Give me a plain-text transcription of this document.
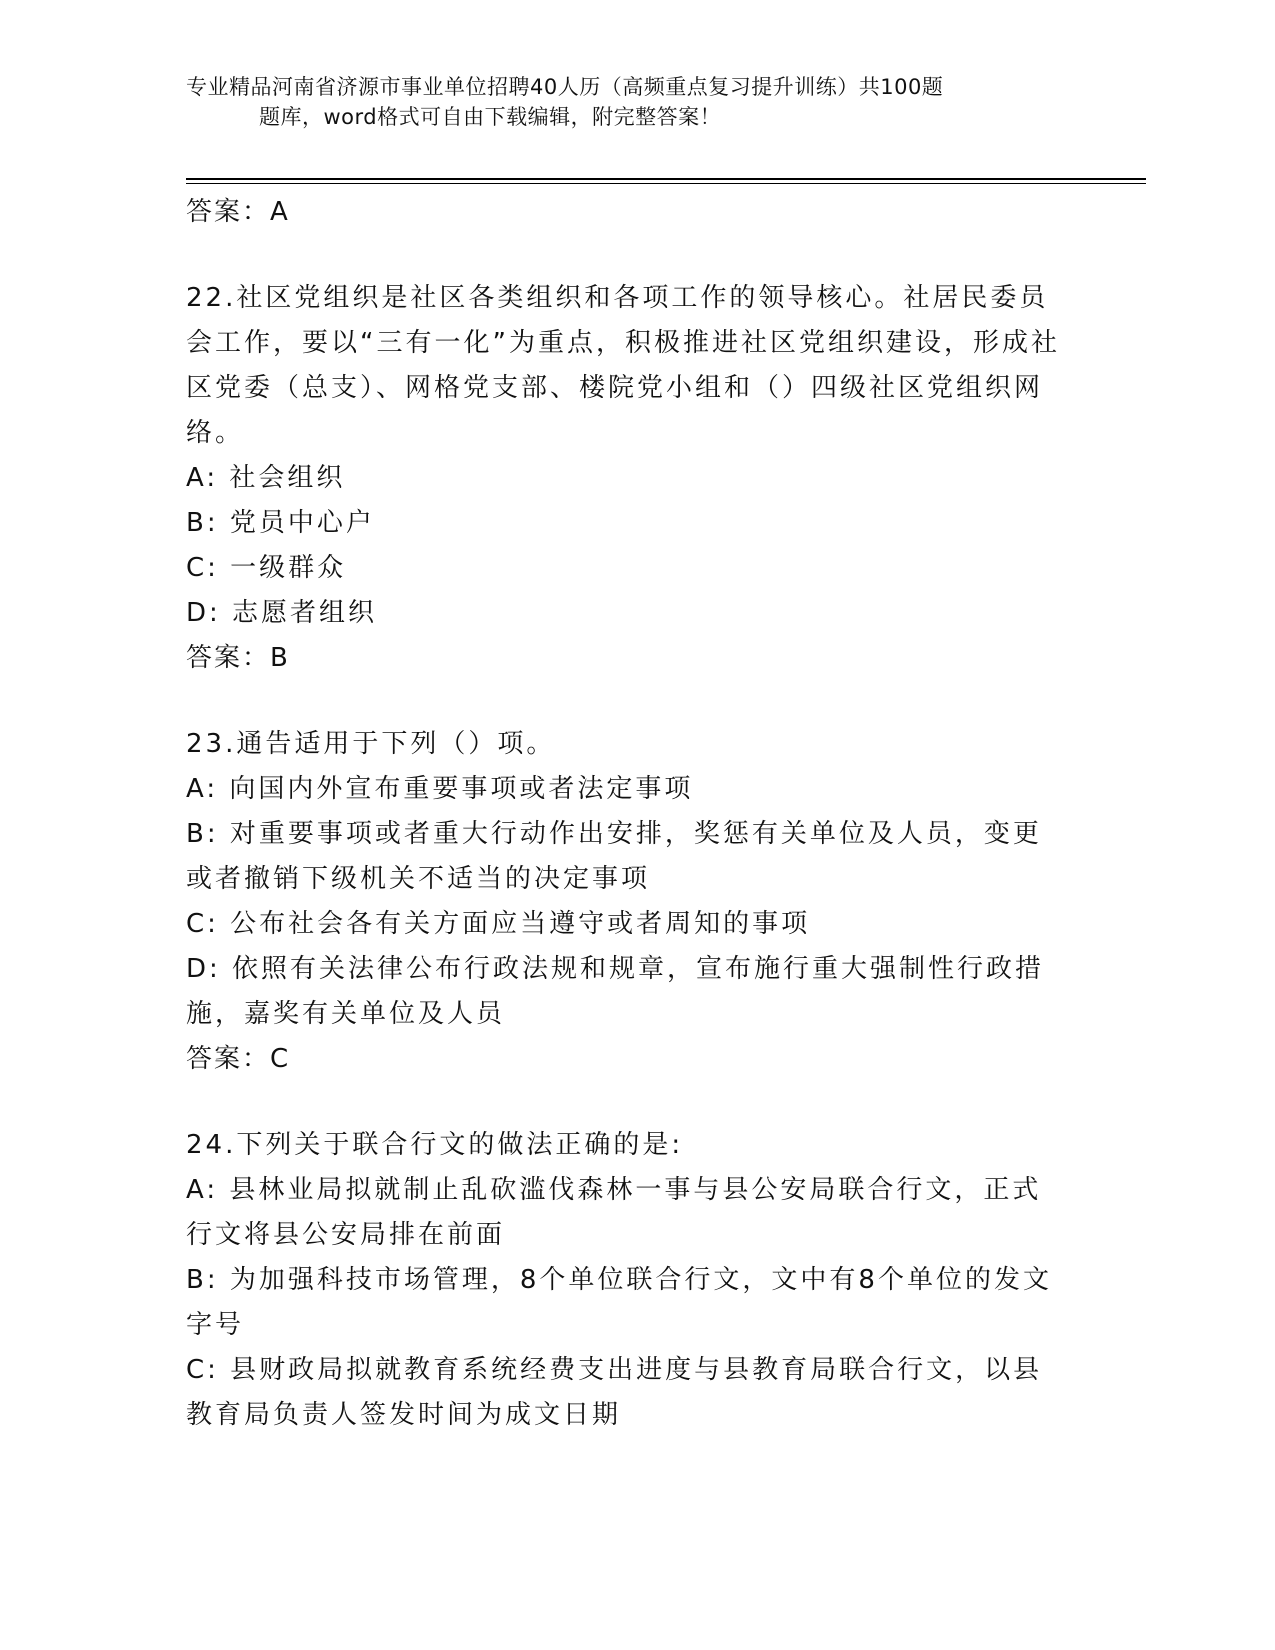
专业精品河南省济源市事业单位招聘40人历（高频重点复习提升训练）共100题
题库，word格式可自由下载编辑，附完整答案！
答案：A
22.社区党组织是社区各类组织和各项工作的领导核心。社居民委员会工作，要以“三有一化”为重点，积极推进社区党组织建设，形成社区党委（总支）、网格党支部、楼院党小组和（）四级社区党组织网络。
A: 社会组织
B: 党员中心户
C: 一级群众
D: 志愿者组织
答案：B
23.通告适用于下列（）项。
A: 向国内外宣布重要事项或者法定事项
B: 对重要事项或者重大行动作出安排，奖惩有关单位及人员，变更或者撤销下级机关不适当的决定事项
C: 公布社会各有关方面应当遵守或者周知的事项
D: 依照有关法律公布行政法规和规章，宣布施行重大强制性行政措施，嘉奖有关单位及人员
答案：C
24.下列关于联合行文的做法正确的是:
A: 县林业局拟就制止乱砍滥伐森林一事与县公安局联合行文，正式行文将县公安局排在前面
B: 为加强科技市场管理，8个单位联合行文，文中有8个单位的发文字号
C: 县财政局拟就教育系统经费支出进度与县教育局联合行文，以县教育局负责人签发时间为成文日期
